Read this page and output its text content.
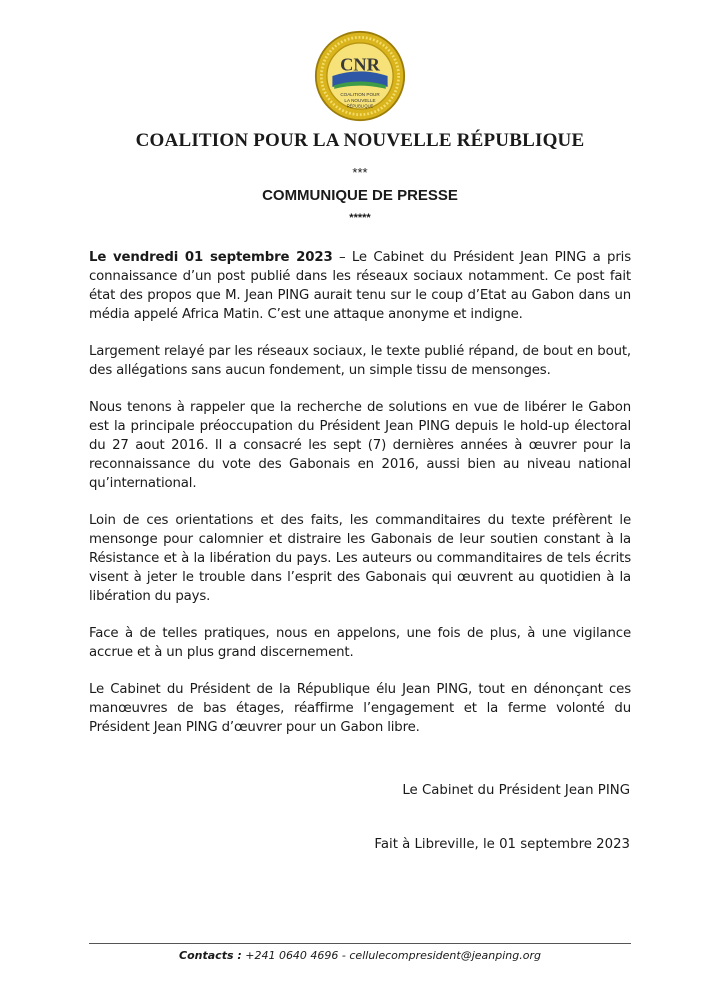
CNR
COALITION POUR
LA NOUVELLE
RÉPUBLIQUE
COALITION POUR LA NOUVELLE RÉPUBLIQUE
***
COMMUNIQUE DE PRESSE
*****

Le vendredi 01 septembre 2023 – Le Cabinet du Président Jean PING a pris connaissance d’un post publié dans les réseaux sociaux notamment. Ce post fait état des propos que M. Jean PING aurait tenu sur le coup d’Etat au Gabon dans un média appelé Africa Matin. C’est une attaque anonyme et indigne.

Largement relayé par les réseaux sociaux, le texte publié répand, de bout en bout, des allégations sans aucun fondement, un simple tissu de mensonges.

Nous tenons à rappeler que la recherche de solutions en vue de libérer le Gabon est la principale préoccupation du Président Jean PING depuis le hold-up électoral du 27 aout 2016. Il a consacré les sept (7) dernières années à œuvrer pour la reconnaissance du vote des Gabonais en 2016, aussi bien au niveau national qu’international.

Loin de ces orientations et des faits, les commanditaires du texte préfèrent le mensonge pour calomnier et distraire les Gabonais de leur soutien constant à la Résistance et à la libération du pays. Les auteurs ou commanditaires de tels écrits visent à jeter le trouble dans l’esprit des Gabonais qui œuvrent au quotidien à la libération du pays.

Face à de telles pratiques, nous en appelons, une fois de plus, à une vigilance accrue et à un plus grand discernement.

Le Cabinet du Président de la République élu Jean PING, tout en dénonçant ces manœuvres de bas étages, réaffirme l’engagement et la ferme volonté du Président Jean PING d’œuvrer pour un Gabon libre.

Le Cabinet du Président Jean PING
Fait à Libreville, le 01 septembre 2023
Contacts : +241 0640 4696 - cellulecompresident@jeanping.org
